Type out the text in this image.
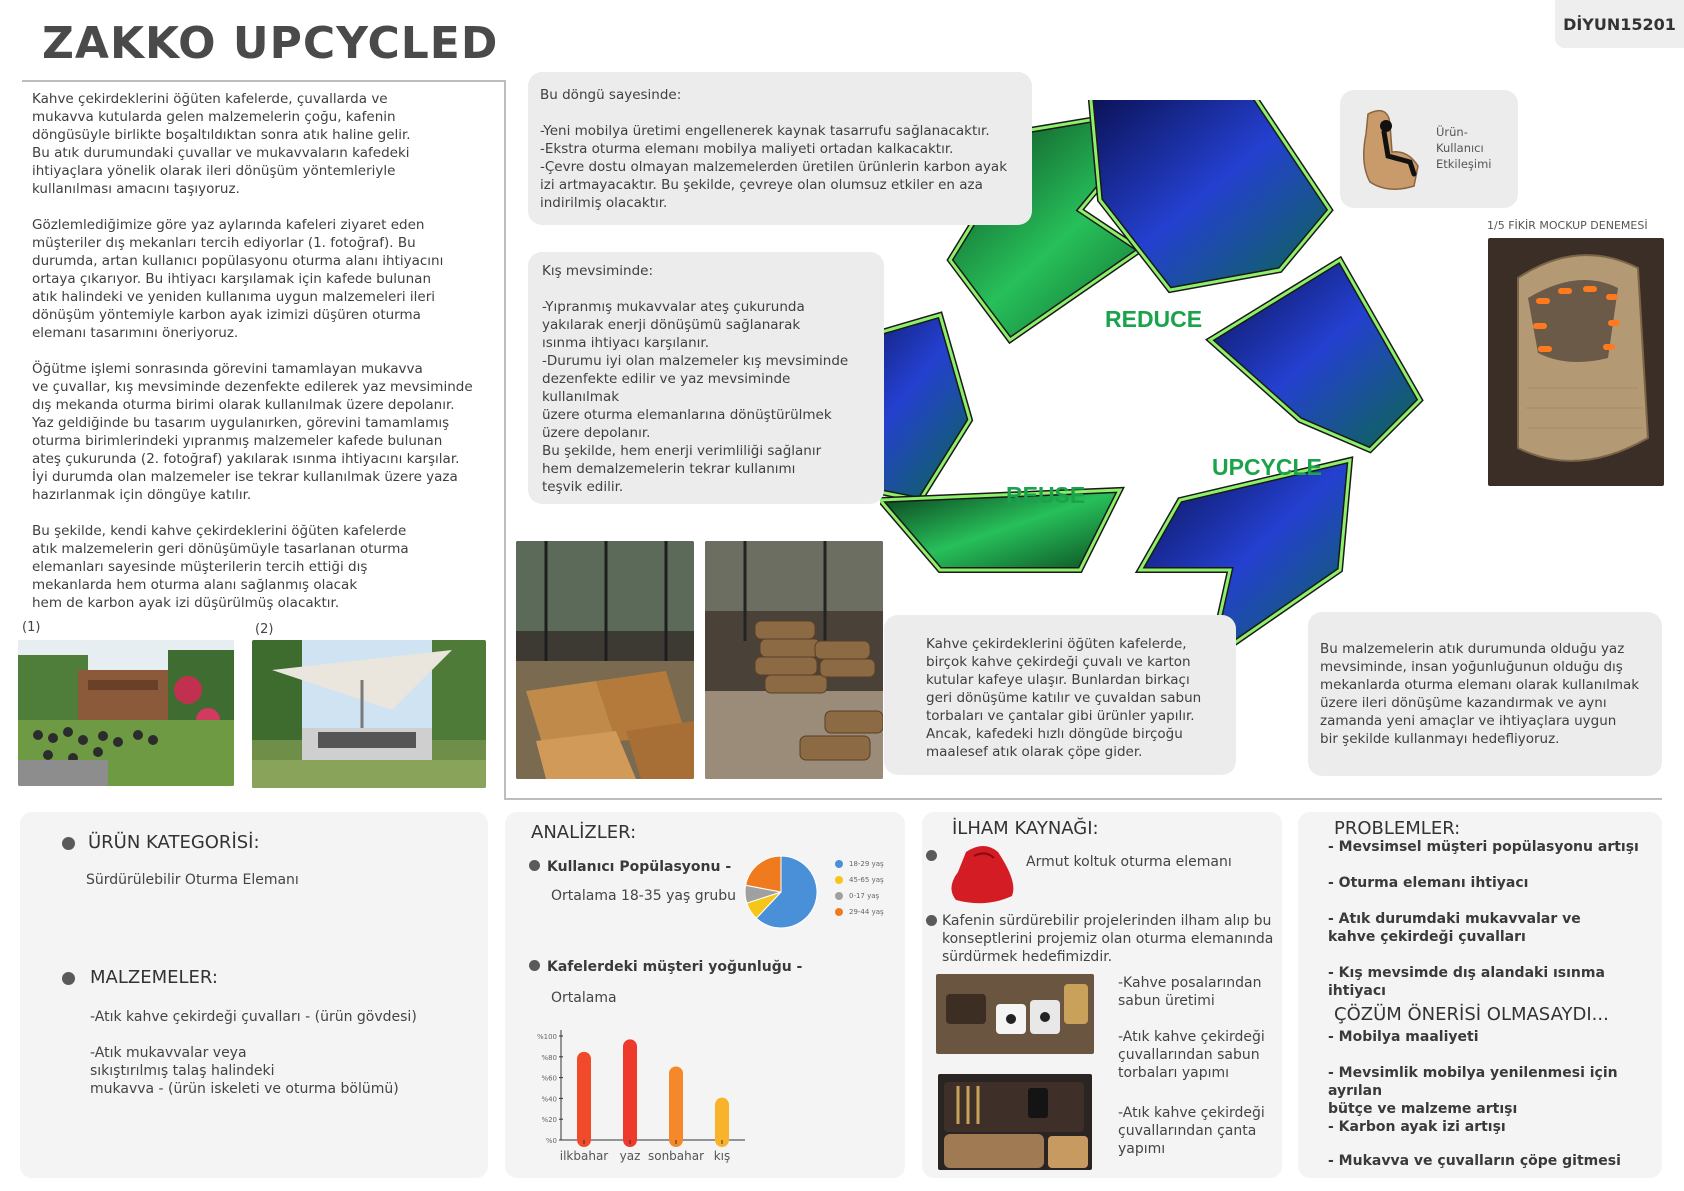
ZAKKO UPCYCLED	DİYUN15201
Kahve çekirdeklerini öğüten kafelerde, çuvallarda ve
mukavva kutularda gelen malzemelerin çoğu, kafenin
döngüsüyle birlikte boşaltıldıktan sonra atık haline gelir.
Bu atık durumundaki çuvallar ve mukavvaların kafedeki
ihtiyaçlara yönelik olarak ileri dönüşüm yöntemleriyle
kullanılması amacını taşıyoruz.

Gözlemlediğimize göre yaz aylarında kafeleri ziyaret eden
müşteriler dış mekanları tercih ediyorlar (1. fotoğraf). Bu
durumda, artan kullanıcı popülasyonu oturma alanı ihtiyacını
ortaya çıkarıyor. Bu ihtiyacı karşılamak için kafede bulunan
atık halindeki ve yeniden kullanıma uygun malzemeleri ileri
dönüşüm yöntemiyle karbon ayak izimizi düşüren oturma
elemanı tasarımını öneriyoruz.

Öğütme işlemi sonrasında görevini tamamlayan mukavva
ve çuvallar, kış mevsiminde dezenfekte edilerek yaz mevsiminde
dış mekanda oturma birimi olarak kullanılmak üzere depolanır.
Yaz geldiğinde bu tasarım uygulanırken, görevini tamamlamış
oturma birimlerindeki yıpranmış malzemeler kafede bulunan
ateş çukurunda (2. fotoğraf) yakılarak ısınma ihtiyacını karşılar.
İyi durumda olan malzemeler ise tekrar kullanılmak üzere yaza
hazırlanmak için döngüye katılır.

Bu şekilde, kendi kahve çekirdeklerini öğüten kafelerde
atık malzemelerin geri dönüşümüyle tasarlanan oturma
elemanları sayesinde müşterilerin tercih ettiği dış
mekanlarda hem oturma alanı sağlanmış olacak
hem de karbon ayak izi düşürülmüş olacaktır.
(1)	(2)
REDUCE
REUSE
UPCYCLE
Bu döngü sayesinde:

-Yeni mobilya üretimi engellenerek kaynak tasarrufu sağlanacaktır.
-Ekstra oturma elemanı mobilya maliyeti ortadan kalkacaktır.
-Çevre dostu olmayan malzemelerden üretilen ürünlerin karbon ayak
izi artmayacaktır. Bu şekilde, çevreye olan olumsuz etkiler en aza
indirilmiş olacaktır.
Kış mevsiminde:

-Yıpranmış mukavvalar ateş çukurunda
yakılarak enerji dönüşümü sağlanarak
ısınma ihtiyacı karşılanır.
-Durumu iyi olan malzemeler kış mevsiminde
dezenfekte edilir ve yaz mevsiminde kullanılmak
üzere oturma elemanlarına dönüştürülmek
üzere depolanır.
Bu şekilde, hem enerji verimliliği sağlanır
hem demalzemelerin tekrar kullanımı
teşvik edilir.
Kahve çekirdeklerini öğüten kafelerde,
birçok kahve çekirdeği çuvalı ve karton
kutular kafeye ulaşır. Bunlardan birkaçı
geri dönüşüme katılır ve çuvaldan sabun
torbaları ve çantalar gibi ürünler yapılır.
Ancak, kafedeki hızlı döngüde birçoğu
maalesef atık olarak çöpe gider.
Bu malzemelerin atık durumunda olduğu yaz
mevsiminde, insan yoğunluğunun olduğu dış
mekanlarda oturma elemanı olarak kullanılmak
üzere ileri dönüşüme kazandırmak ve aynı
zamanda yeni amaçlar ve ihtiyaçlara uygun
bir şekilde kullanmayı hedefliyoruz.
Ürün-
Kullanıcı
Etkileşimi
1/5 FİKİR MOCKUP DENEMESİ
ÜRÜN KATEGORİSİ:
Sürdürülebilir Oturma Elemanı
MALZEMELER:
-Atık kahve çekirdeği çuvalları - (ürün gövdesi)
-Atık mukavvalar veya
sıkıştırılmış talaş halindeki
mukavva - (ürün iskeleti ve oturma bölümü)
ANALİZLER:
Kullanıcı Popülasyonu -
Ortalama 18-35 yaş grubu
18-29 yaş
45-65 yaş
0-17 yaş
29-44 yaş
Kafelerdeki müşteri yoğunluğu -
Ortalama
%0
%20
%40
%60
%80
%100
ilkbahar yaz sonbahar kış
İLHAM KAYNAĞI:
Armut koltuk oturma elemanı
Kafenin sürdürebilir projelerinden ilham alıp bu
konseptlerini projemiz olan oturma elemanında
sürdürmek hedefimizdir.
-Kahve posalarından
sabun üretimi
-Atık kahve çekirdeği
çuvallarından sabun
torbaları yapımı
-Atık kahve çekirdeği
çuvallarından çanta
yapımı
PROBLEMLER:
- Mevsimsel müşteri popülasyonu artışı
- Oturma elemanı ihtiyacı
- Atık durumdaki mukavvalar ve
kahve çekirdeği çuvalları
- Kış mevsimde dış alandaki ısınma ihtiyacı
ÇÖZÜM ÖNERİSİ OLMASAYDI...
- Mobilya maaliyeti
- Mevsimlik mobilya yenilenmesi için ayrılan
bütçe ve malzeme artışı
- Karbon ayak izi artışı
- Mukavva ve çuvalların çöpe gitmesi
